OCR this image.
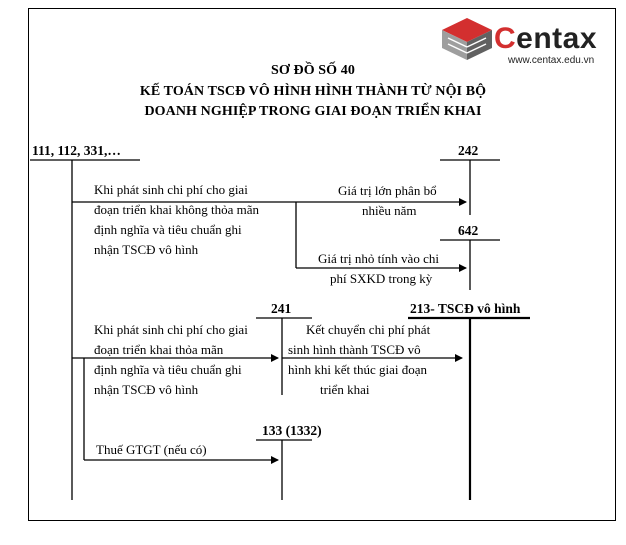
Centax
www.centax.edu.vn
SƠ ĐỒ SỐ 40
KẾ TOÁN TSCĐ VÔ HÌNH HÌNH THÀNH TỪ NỘI BỘ
DOANH NGHIỆP TRONG GIAI ĐOẠN TRIỂN KHAI
111, 112, 331,…	242
642
241	213- TSCĐ vô hình
133 (1332)
Khi phát sinh chi phí cho giai
đoạn triển khai không thỏa mãn
định nghĩa và tiêu chuẩn ghi
nhận TSCĐ vô hình
Giá trị lớn phân bổ
nhiều năm
Giá trị nhỏ tính vào chi
phí SXKD trong kỳ
Khi phát sinh chi phí cho giai
đoạn triển khai thỏa mãn
định nghĩa và tiêu chuẩn ghi
nhận TSCĐ vô hình
Kết chuyển chi phí phát
sinh hình thành TSCĐ vô
hình khi kết thúc giai đoạn
triển khai
Thuế GTGT (nếu có)
